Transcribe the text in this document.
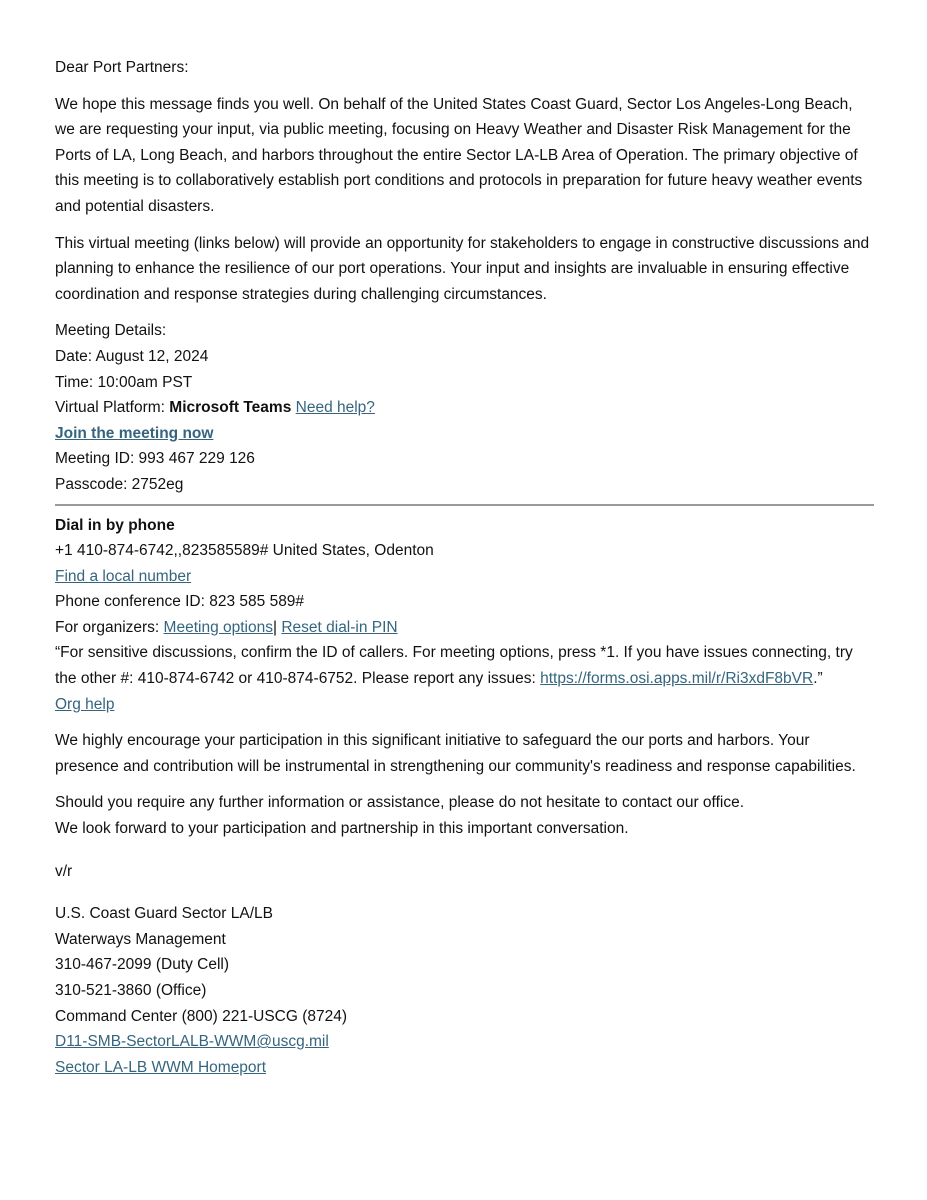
Dear Port Partners:

We hope this message finds you well. On behalf of the United States Coast Guard, Sector Los Angeles-Long Beach, we are requesting your input, via public meeting, focusing on Heavy Weather and Disaster Risk Management for the Ports of LA, Long Beach, and harbors throughout the entire Sector LA-LB Area of Operation. The primary objective of this meeting is to collaboratively establish port conditions and protocols in preparation for future heavy weather events and potential disasters.

This virtual meeting (links below) will provide an opportunity for stakeholders to engage in constructive discussions and planning to enhance the resilience of our port operations. Your input and insights are invaluable in ensuring effective coordination and response strategies during challenging circumstances.

Meeting Details:
Date: August 12, 2024
Time: 10:00am PST
Virtual Platform: Microsoft Teams Need help?
Join the meeting now
Meeting ID: 993 467 229 126
Passcode: 2752eg
Dial in by phone
+1 410-874-6742,,823585589# United States, Odenton
Find a local number
Phone conference ID: 823 585 589#
For organizers: Meeting options| Reset dial-in PIN

“For sensitive discussions, confirm the ID of callers. For meeting options, press *1. If you have issues connecting, try the other #: 410-874-6742 or 410-874-6752. Please report any issues: https://forms.osi.apps.mil/r/Ri3xdF8bVR.”

Org help

We highly encourage your participation in this significant initiative to safeguard the our ports and harbors. Your presence and contribution will be instrumental in strengthening our community's readiness and response capabilities.

Should you require any further information or assistance, please do not hesitate to contact our office.
We look forward to your participation and partnership in this important conversation.
v/r
U.S. Coast Guard Sector LA/LB
Waterways Management
310-467-2099 (Duty Cell)
310-521-3860 (Office)
Command Center (800) 221-USCG (8724)
D11-SMB-SectorLALB-WWM@uscg.mil
Sector LA-LB WWM Homeport
